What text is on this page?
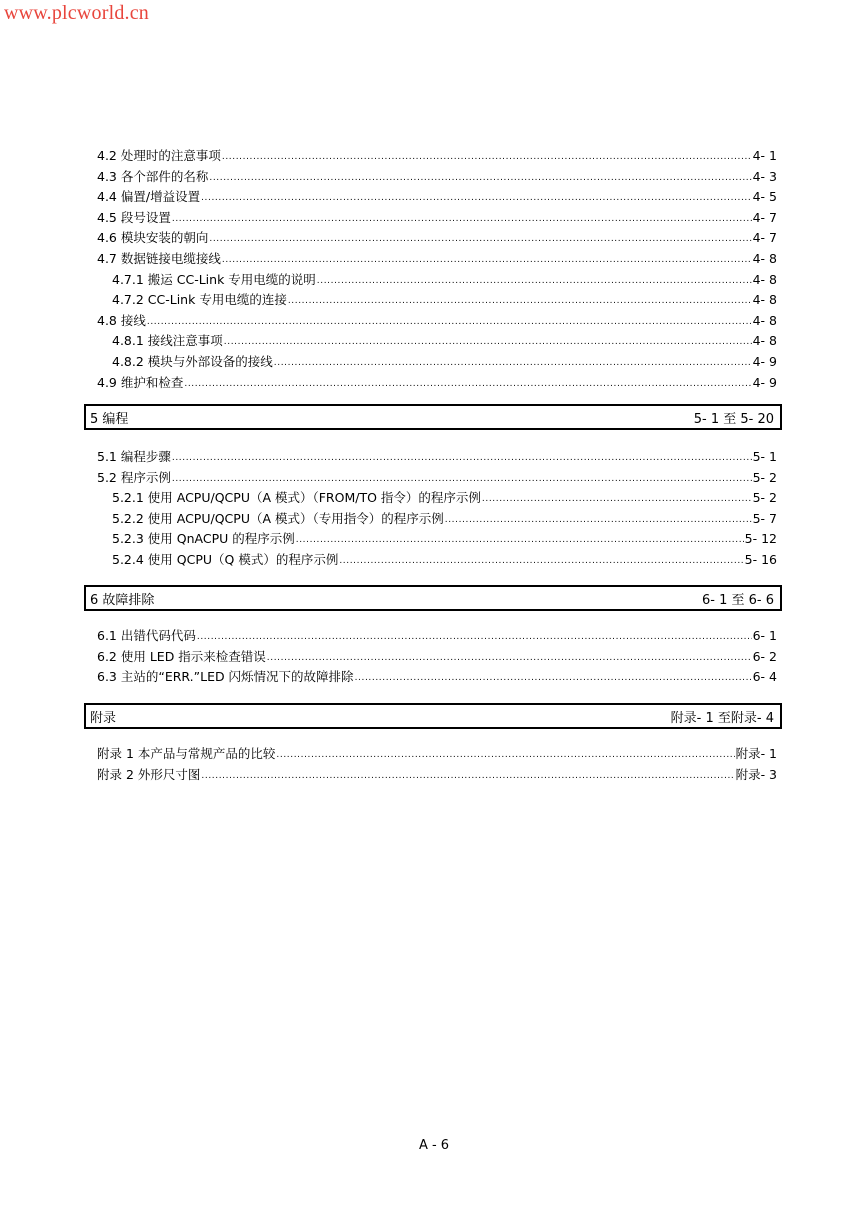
www.plcworld.cn
4.2 处理时的注意事项 .....	4- 1
4.3 各个部件的名称 .....	4- 3
4.4 偏置/增益设置 .....	4- 5
4.5 段号设置 .....	4- 7
4.6 模块安装的朝向 .....	4- 7
4.7 数据链接电缆接线 .....	4- 8
4.7.1 搬运 CC-Link 专用电缆的说明 .....	4- 8
4.7.2 CC-Link 专用电缆的连接 .....	4- 8
4.8 接线 .....	4- 8
4.8.1 接线注意事项 .....	4- 8
4.8.2 模块与外部设备的接线 .....	4- 9
4.9 维护和检查 .....	4- 9
5 编程	5- 1 至 5- 20
5.1 编程步骤 .....	5- 1
5.2 程序示例 .....	5- 2
5.2.1 使用 ACPU/QCPU（A 模式）（FROM/TO 指令）的程序示例 .....	5- 2
5.2.2 使用 ACPU/QCPU（A 模式）（专用指令）的程序示例 .....	5- 7
5.2.3 使用 QnACPU 的程序示例 .....	5- 12
5.2.4 使用 QCPU（Q 模式）的程序示例 .....	5- 16
6 故障排除	6- 1 至 6- 6
6.1 出错代码代码 .....	6- 1
6.2 使用 LED 指示来检查错误 .....	6- 2
6.3 主站的“ERR.”LED 闪烁情况下的故障排除 .....	6- 4
附录	附录- 1 至附录- 4
附录 1 本产品与常规产品的比较 .....	附录- 1
附录 2 外形尺寸图 .....	附录- 3
A - 6
